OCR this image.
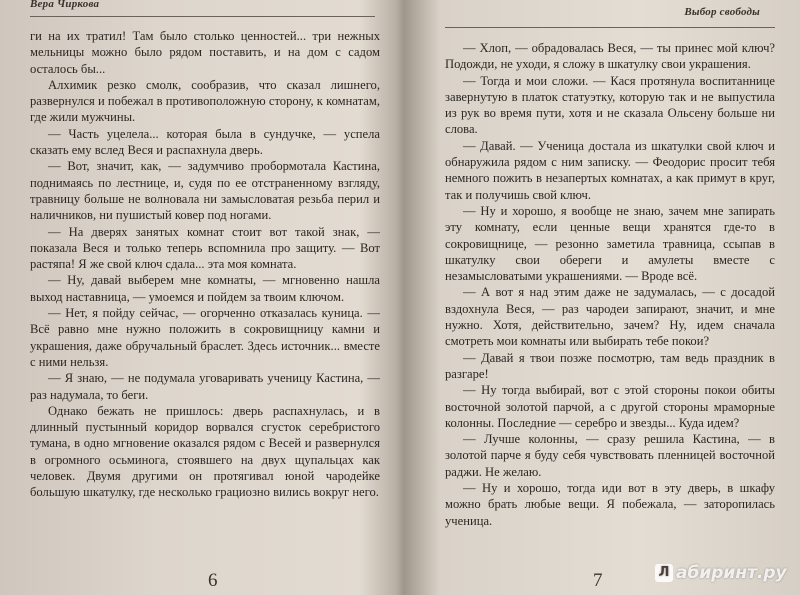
Вера Чиркова

ги на их тратил! Там было столько ценностей... три нежных мельницы можно было рядом поставить, и на дом с садом осталось бы...

Алхимик резко смолк, сообразив, что сказал лишнего, развернулся и побежал в противоположную сторону, к комнатам, где жили мужчины.

— Часть уцелела... которая была в сундучке, — успела сказать ему вслед Веся и распахнула дверь.

— Вот, значит, как, — задумчиво пробормотала Кастина, поднимаясь по лестнице, и, судя по ее отстраненному взгляду, травницу больше не волновала ни замысловатая резьба перил и наличников, ни пушистый ковер под ногами.

— На дверях занятых комнат стоит вот такой знак, — показала Веся и только теперь вспомнила про защиту. — Вот растяпа! Я же свой ключ сдала... эта моя комната.

— Ну, давай выберем мне комнаты, — мгновенно нашла выход наставница, — умоемся и пойдем за твоим ключом.

— Нет, я пойду сейчас, — огорченно отказалась куница. — Всё равно мне нужно положить в сокровищницу камни и украшения, даже обручальный браслет. Здесь источник... вместе с ними нельзя.

— Я знаю, — не подумала уговаривать ученицу Кастина, — раз надумала, то беги.

Однако бежать не пришлось: дверь распахнулась, и в длинный пустынный коридор ворвался сгусток серебристого тумана, в одно мгновение оказался рядом с Весей и развернулся в огромного осьминога, стоявшего на двух щупальцах как человек. Двумя другими он протягивал юной чародейке большую шкатулку, где несколько грациозно вились вокруг него.

6
Выбор свободы

— Хлоп, — обрадовалась Веся, — ты принес мой ключ? Подожди, не уходи, я сложу в шкатулку свои украшения.

— Тогда и мои сложи. — Кася протянула воспитаннице завернутую в платок статуэтку, которую так и не выпустила из рук во время пути, хотя и не сказала Ольсену больше ни слова.

— Давай. — Ученица достала из шкатулки свой ключ и обнаружила рядом с ним записку. — Феодорис просит тебя немного пожить в незапертых комнатах, а как примут в круг, так и получишь свой ключ.

— Ну и хорошо, я вообще не знаю, зачем мне запирать эту комнату, если ценные вещи хранятся где-то в сокровищнице, — резонно заметила травница, ссыпав в шкатулку свои обереги и амулеты вместе с незамысловатыми украшениями. — Вроде всё.

— А вот я над этим даже не задумалась, — с досадой вздохнула Веся, — раз чародеи запирают, значит, и мне нужно. Хотя, действительно, зачем? Ну, идем сначала смотреть мои комнаты или выбирать тебе покои?

— Давай я твои позже посмотрю, там ведь праздник в разгаре!

— Ну тогда выбирай, вот с этой стороны покои обиты восточной золотой парчой, а с другой стороны мраморные колонны. Последние — серебро и звезды... Куда идем?

— Лучше колонны, — сразу решила Кастина, — в золотой парче я буду себя чувствовать пленницей восточной раджи. Не желаю.

— Ну и хорошо, тогда иди вот в эту дверь, в шкафу можно брать любые вещи. Я побежала, — заторопилась ученица.

7	Л абиринт.ру
